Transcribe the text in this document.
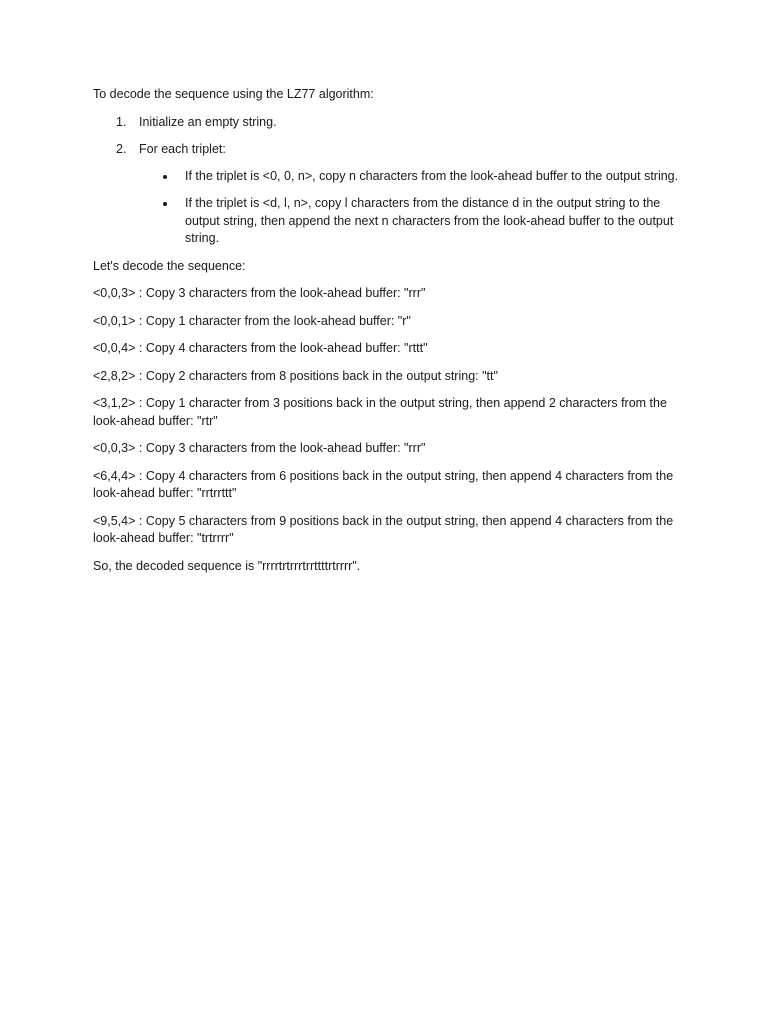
To decode the sequence using the LZ77 algorithm:

1. Initialize an empty string.
2. For each triplet:
If the triplet is <0, 0, n>, copy n characters from the look-ahead buffer to the output string.
If the triplet is <d, l, n>, copy l characters from the distance d in the output string to the output string, then append the next n characters from the look-ahead buffer to the output string.

Let's decode the sequence:

<0,0,3> : Copy 3 characters from the look-ahead buffer: "rrr"

<0,0,1> : Copy 1 character from the look-ahead buffer: "r"

<0,0,4> : Copy 4 characters from the look-ahead buffer: "rttt"

<2,8,2> : Copy 2 characters from 8 positions back in the output string: "tt"

<3,1,2> : Copy 1 character from 3 positions back in the output string, then append 2 characters from the look-ahead buffer: "rtr"

<0,0,3> : Copy 3 characters from the look-ahead buffer: "rrr"

<6,4,4> : Copy 4 characters from 6 positions back in the output string, then append 4 characters from the look-ahead buffer: "rrtrrttt"

<9,5,4> : Copy 5 characters from 9 positions back in the output string, then append 4 characters from the look-ahead buffer: "trtrrrr"

So, the decoded sequence is "rrrrtrtrrrtrrttttrtrrrr".
